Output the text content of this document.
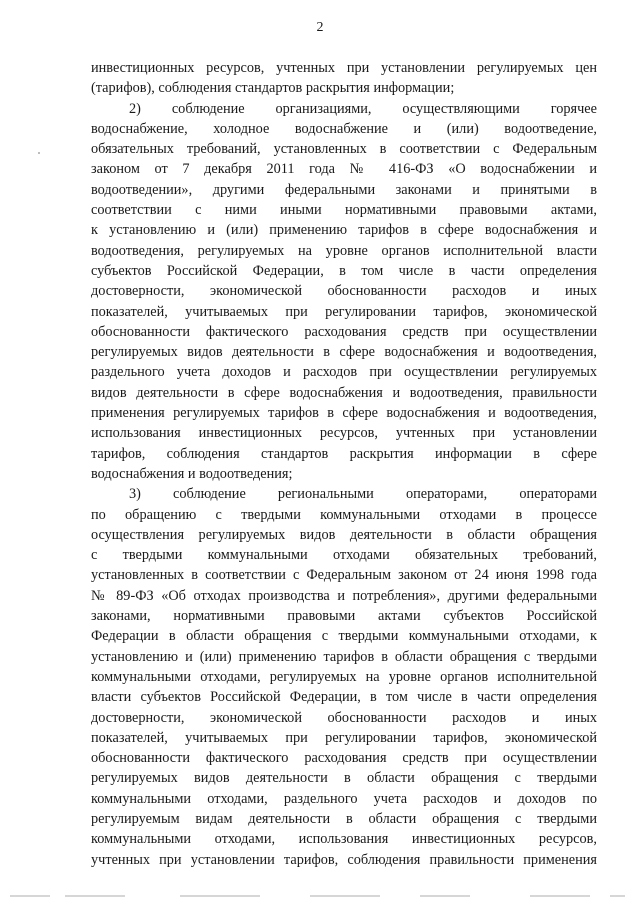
2
инвестиционных ресурсов, учтенных при установлении регулируемых цен
(тарифов), соблюдения стандартов раскрытия информации;
2) соблюдение организациями, осуществляющими горячее
водоснабжение, холодное водоснабжение и (или) водоотведение,
обязательных требований, установленных в соответствии с Федеральным
законом от 7 декабря 2011 года № 416-ФЗ «О водоснабжении и
водоотведении», другими федеральными законами и принятыми в
соответствии с ними иными нормативными правовыми актами,
к установлению и (или) применению тарифов в сфере водоснабжения и
водоотведения, регулируемых на уровне органов исполнительной власти
субъектов Российской Федерации, в том числе в части определения
достоверности, экономической обоснованности расходов и иных
показателей, учитываемых при регулировании тарифов, экономической
обоснованности фактического расходования средств при осуществлении
регулируемых видов деятельности в сфере водоснабжения и водоотведения,
раздельного учета доходов и расходов при осуществлении регулируемых
видов деятельности в сфере водоснабжения и водоотведения, правильности
применения регулируемых тарифов в сфере водоснабжения и водоотведения,
использования инвестиционных ресурсов, учтенных при установлении
тарифов, соблюдения стандартов раскрытия информации в сфере
водоснабжения и водоотведения;
3) соблюдение региональными операторами, операторами
по обращению с твердыми коммунальными отходами в процессе
осуществления регулируемых видов деятельности в области обращения
с твердыми коммунальными отходами обязательных требований,
установленных в соответствии с Федеральным законом от 24 июня 1998 года
№ 89-ФЗ «Об отходах производства и потребления», другими федеральными
законами, нормативными правовыми актами субъектов Российской
Федерации в области обращения с твердыми коммунальными отходами, к
установлению и (или) применению тарифов в области обращения с твердыми
коммунальными отходами, регулируемых на уровне органов исполнительной
власти субъектов Российской Федерации, в том числе в части определения
достоверности, экономической обоснованности расходов и иных
показателей, учитываемых при регулировании тарифов, экономической
обоснованности фактического расходования средств при осуществлении
регулируемых видов деятельности в области обращения с твердыми
коммунальными отходами, раздельного учета расходов и доходов по
регулируемым видам деятельности в области обращения с твердыми
коммунальными отходами, использования инвестиционных ресурсов,
учтенных при установлении тарифов, соблюдения правильности применения
